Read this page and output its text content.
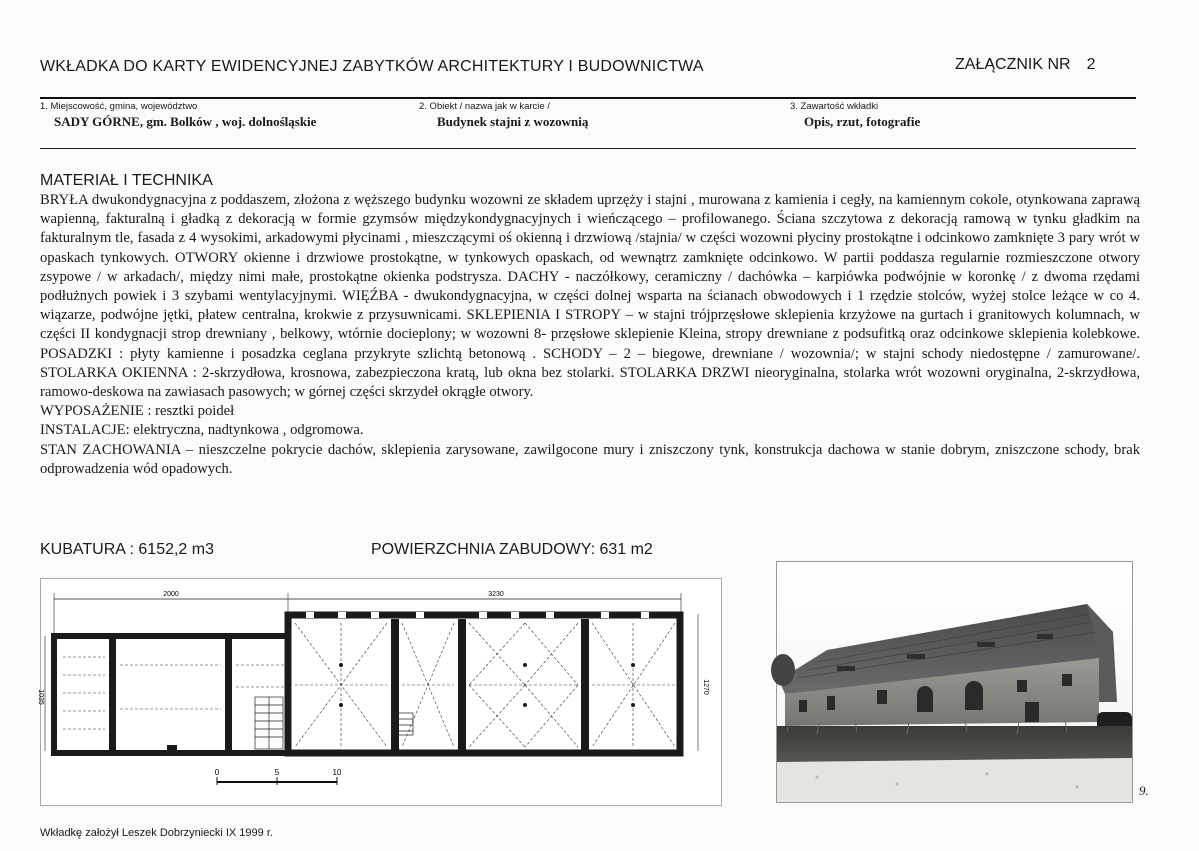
WKŁADKA DO KARTY EWIDENCYJNEJ ZABYTKÓW ARCHITEKTURY I BUDOWNICTWA	ZAŁĄCZNIK NR 2
1. Miejscowość, gmina, województwo
SADY GÓRNE, gm. Bolków , woj. dolnośląskie
2. Obiekt / nazwa jak w karcie /
Budynek stajni z wozownią
3. Zawartość wkładki
Opis, rzut, fotografie
MATERIAŁ I TECHNIKA

BRYŁA dwukondygnacyjna z poddaszem, złożona z węższego budynku wozowni ze składem uprzęży i stajni , murowana z kamienia i cegły, na kamiennym cokole, otynkowana zaprawą wapienną, fakturalną i gładką z dekoracją w formie gzymsów międzykondygnacyjnych i wieńczącego – profilowanego. Ściana szczytowa z dekoracją ramową w tynku gładkim na fakturalnym tle, fasada z 4 wysokimi, arkadowymi płycinami , mieszczącymi oś okienną i drzwiową /stajnia/ w części wozowni płyciny prostokątne i odcinkowo zamknięte 3 pary wrót w opaskach tynkowych. OTWORY okienne i drzwiowe prostokątne, w tynkowych opaskach, od wewnątrz zamknięte odcinkowo. W partii poddasza regularnie rozmieszczone otwory zsypowe / w arkadach/, między nimi małe, prostokątne okienka podstrysza. DACHY - naczółkowy, ceramiczny / dachówka – karpiówka podwójnie w koronkę / z dwoma rzędami podłużnych powiek i 3 szybami wentylacyjnymi. WIĘŹBA - dwukondygnacyjna, w części dolnej wsparta na ścianach obwodowych i 1 rzędzie stolców, wyżej stolce leżące w co 4. wiązarze, podwójne jętki, płatew centralna, krokwie z przysuwnicami. SKLEPIENIA I STROPY – w stajni trójprzęsłowe sklepienia krzyżowe na gurtach i granitowych kolumnach, w części II kondygnacji strop drewniany , belkowy, wtórnie docieplony; w wozowni 8- przęsłowe sklepienie Kleina, stropy drewniane z podsufitką oraz odcinkowe sklepienia kolebkowe. POSADZKI : płyty kamienne i posadzka ceglana przykryte szlichtą betonową . SCHODY – 2 – biegowe, drewniane / wozownia/; w stajni schody niedostępne / zamurowane/. STOLARKA OKIENNA : 2-skrzydłowa, krosnowa, zabezpieczona kratą, lub okna bez stolarki. STOLARKA DRZWI nieoryginalna, stolarka wrót wozowni oryginalna, 2-skrzydłowa, ramowo-deskowa na zawiasach pasowych; w górnej części skrzydeł okrągłe otwory.

WYPOSAŻENIE : resztki poideł

INSTALACJE: elektryczna, nadtynkowa , odgromowa.

STAN ZACHOWANIA – nieszczelne pokrycie dachów, sklepienia zarysowane, zawilgocone mury i zniszczony tynk, konstrukcja dachowa w stanie dobrym, zniszczone schody, brak odprowadzenia wód opadowych.

KUBATURA : 6152,2 m3	POWIERZCHNIA ZABUDOWY: 631 m2
2000	3230
1035
1270
0	5	10
9.
Wkładkę założył Leszek Dobrzyniecki IX 1999 r.
